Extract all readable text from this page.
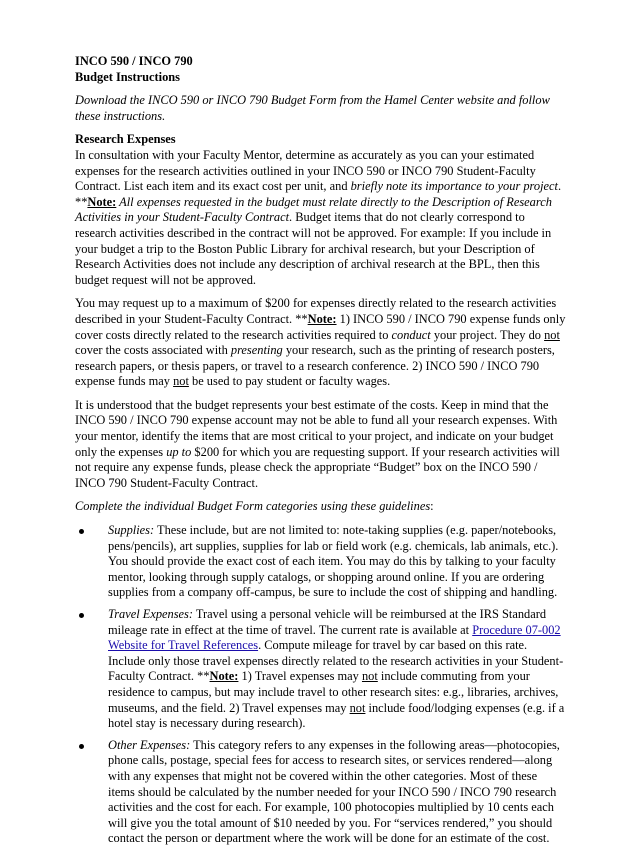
INCO 590 / INCO 790
Budget Instructions

Download the INCO 590 or INCO 790 Budget Form from the Hamel Center website and follow these instructions.

Research Expenses

In consultation with your Faculty Mentor, determine as accurately as you can your estimated expenses for the research activities outlined in your INCO 590 or INCO 790 Student-Faculty Contract. List each item and its exact cost per unit, and briefly note its importance to your project. **Note: All expenses requested in the budget must relate directly to the Description of Research Activities in your Student-Faculty Contract. Budget items that do not clearly correspond to research activities described in the contract will not be approved. For example: If you include in your budget a trip to the Boston Public Library for archival research, but your Description of Research Activities does not include any description of archival research at the BPL, then this budget request will not be approved.

You may request up to a maximum of $200 for expenses directly related to the research activities described in your Student-Faculty Contract. **Note: 1) INCO 590 / INCO 790 expense funds only cover costs directly related to the research activities required to conduct your project. They do not cover the costs associated with presenting your research, such as the printing of research posters, research papers, or thesis papers, or travel to a research conference. 2) INCO 590 / INCO 790 expense funds may not be used to pay student or faculty wages.

It is understood that the budget represents your best estimate of the costs. Keep in mind that the INCO 590 / INCO 790 expense account may not be able to fund all your research expenses. With your mentor, identify the items that are most critical to your project, and indicate on your budget only the expenses up to $200 for which you are requesting support. If your research activities will not require any expense funds, please check the appropriate “Budget” box on the INCO 590 / INCO 790 Student-Faculty Contract.

Complete the individual Budget Form categories using these guidelines:

Supplies: These include, but are not limited to: note-taking supplies (e.g. paper/notebooks, pens/pencils), art supplies, supplies for lab or field work (e.g. chemicals, lab animals, etc.). You should provide the exact cost of each item. You may do this by talking to your faculty mentor, looking through supply catalogs, or shopping around online. If you are ordering supplies from a company off-campus, be sure to include the cost of shipping and handling.
Travel Expenses: Travel using a personal vehicle will be reimbursed at the IRS Standard mileage rate in effect at the time of travel. The current rate is available at Procedure 07-002 Website for Travel References. Compute mileage for travel by car based on this rate. Include only those travel expenses directly related to the research activities in your Student-Faculty Contract. **Note: 1) Travel expenses may not include commuting from your residence to campus, but may include travel to other research sites: e.g., libraries, archives, museums, and the field. 2) Travel expenses may not include food/lodging expenses (e.g. if a hotel stay is necessary during research).
Other Expenses: This category refers to any expenses in the following areas—photocopies, phone calls, postage, special fees for access to research sites, or services rendered—along with any expenses that might not be covered within the other categories. Most of these items should be calculated by the number needed for your INCO 590 / INCO 790 research activities and the cost for each. For example, 100 photocopies multiplied by 10 cents each will give you the total amount of $10 needed by you. For “services rendered,” you should contact the person or department where the work will be done for an estimate of the cost.
